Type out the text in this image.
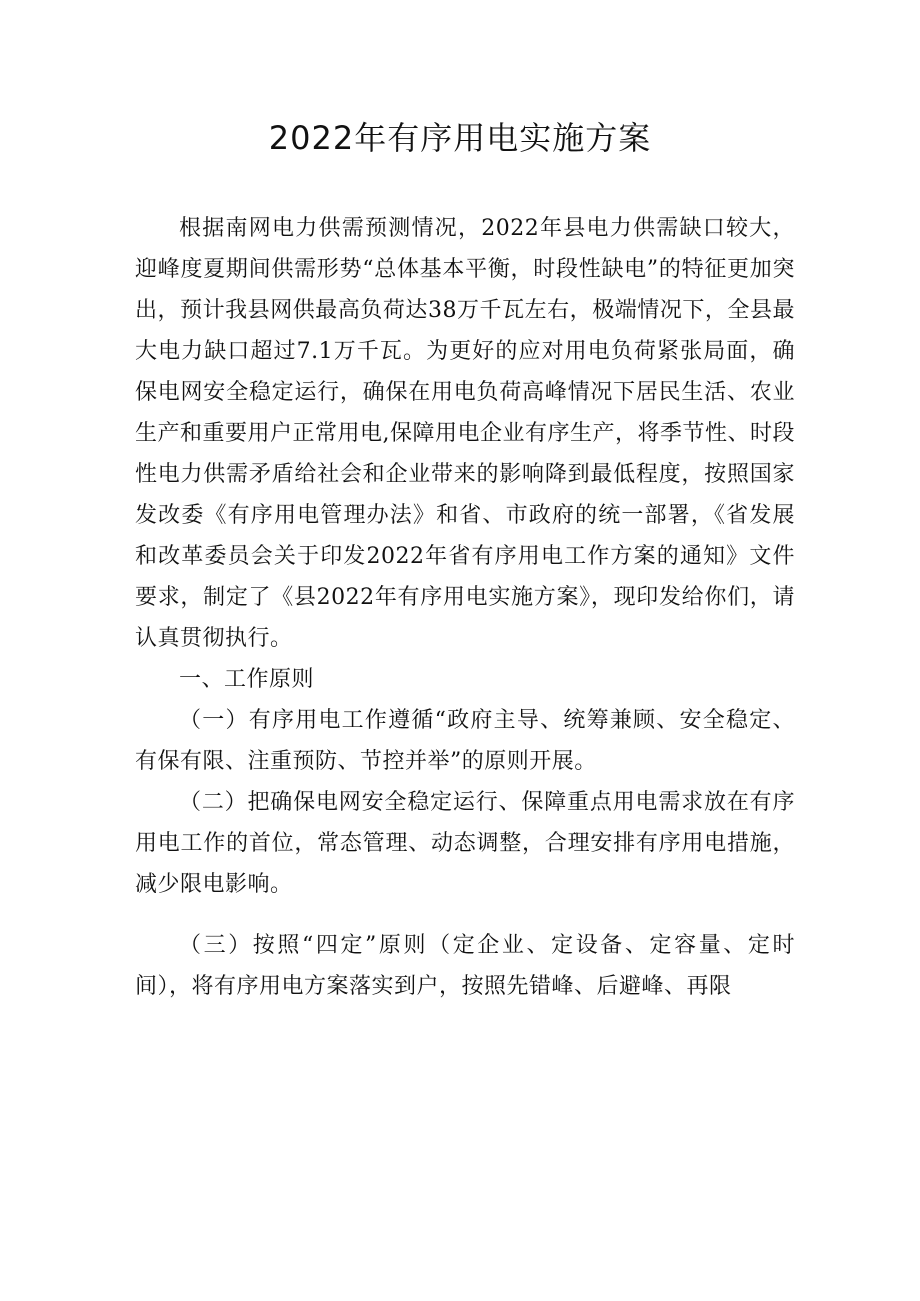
2022年有序用电实施方案

根据南网电力供需预测情况，2022年县电力供需缺口较大，迎峰度夏期间供需形势“总体基本平衡，时段性缺电”的特征更加突出，预计我县网供最高负荷达38万千瓦左右，极端情况下，全县最大电力缺口超过7.1万千瓦。为更好的应对用电负荷紧张局面，确保电网安全稳定运行，确保在用电负荷高峰情况下居民生活、农业生产和重要用户正常用电,保障用电企业有序生产，将季节性、时段性电力供需矛盾给社会和企业带来的影响降到最低程度，按照国家发改委《有序用电管理办法》和省、市政府的统一部署，《省发展和改革委员会关于印发2022年省有序用电工作方案的通知》文件要求，制定了《县2022年有序用电实施方案》，现印发给你们，请认真贯彻执行。

一、工作原则

（一）有序用电工作遵循“政府主导、统筹兼顾、安全稳定、有保有限、注重预防、节控并举”的原则开展。

（二）把确保电网安全稳定运行、保障重点用电需求放在有序用电工作的首位，常态管理、动态调整，合理安排有序用电措施，减少限电影响。

（三）按照“四定”原则（定企业、定设备、定容量、定时间），将有序用电方案落实到户，按照先错峰、后避峰、再限
